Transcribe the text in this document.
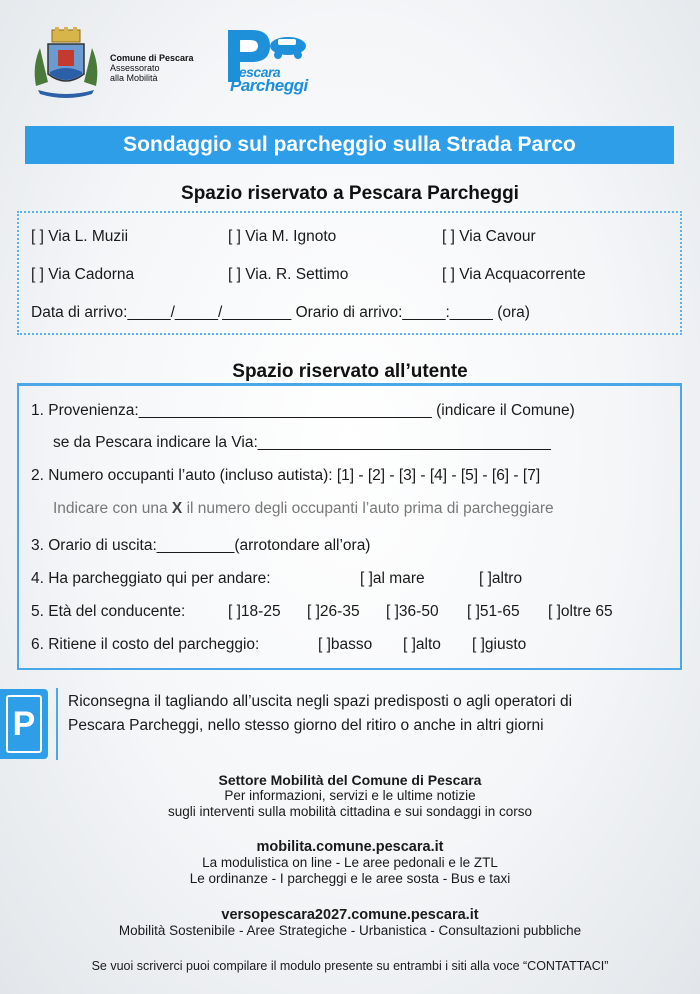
Comune di Pescara
Assessorato
alla Mobilità	Pescara
Parcheggi
Sondaggio sul parcheggio sulla Strada Parco
Spazio riservato a Pescara Parcheggi
[ ] Via L. Muzii	[ ] Via M. Ignoto	[ ] Via Cavour
[ ] Via Cadorna	[ ] Via. R. Settimo	[ ] Via Acquacorrente
Data di arrivo:_____/_____/________ Orario di arrivo:_____:_____ (ora)
Spazio riservato all’utente
1. Provenienza:__________________________________ (indicare il Comune)
se da Pescara indicare la Via:__________________________________
2. Numero occupanti l’auto (incluso autista): [1] - [2] - [3] - [4] - [5] - [6] - [7]
Indicare con una X il numero degli occupanti l’auto prima di parcheggiare
3. Orario di uscita:_________(arrotondare all’ora)
4. Ha parcheggiato qui per andare:	[ ]al mare	[ ]altro
5. Età del conducente:	[ ]18-25 [ ]26-35 [ ]36-50 [ ]51-65 [ ]oltre 65
6. Ritiene il costo del parcheggio:	[ ]basso [ ]alto [ ]giusto
P
Riconsegna il tagliando all’uscita negli spazi predisposti o agli operatori di
Pescara Parcheggi, nello stesso giorno del ritiro o anche in altri giorni
Settore Mobilità del Comune di Pescara
Per informazioni, servizi e le ultime notizie
sugli interventi sulla mobilità cittadina e sui sondaggi in corso
mobilita.comune.pescara.it
La modulistica on line - Le aree pedonali e le ZTL
Le ordinanze - I parcheggi e le aree sosta - Bus e taxi
versopescara2027.comune.pescara.it
Mobilità Sostenibile - Aree Strategiche - Urbanistica - Consultazioni pubbliche
Se vuoi scriverci puoi compilare il modulo presente su entrambi i siti alla voce “CONTATTACI”
